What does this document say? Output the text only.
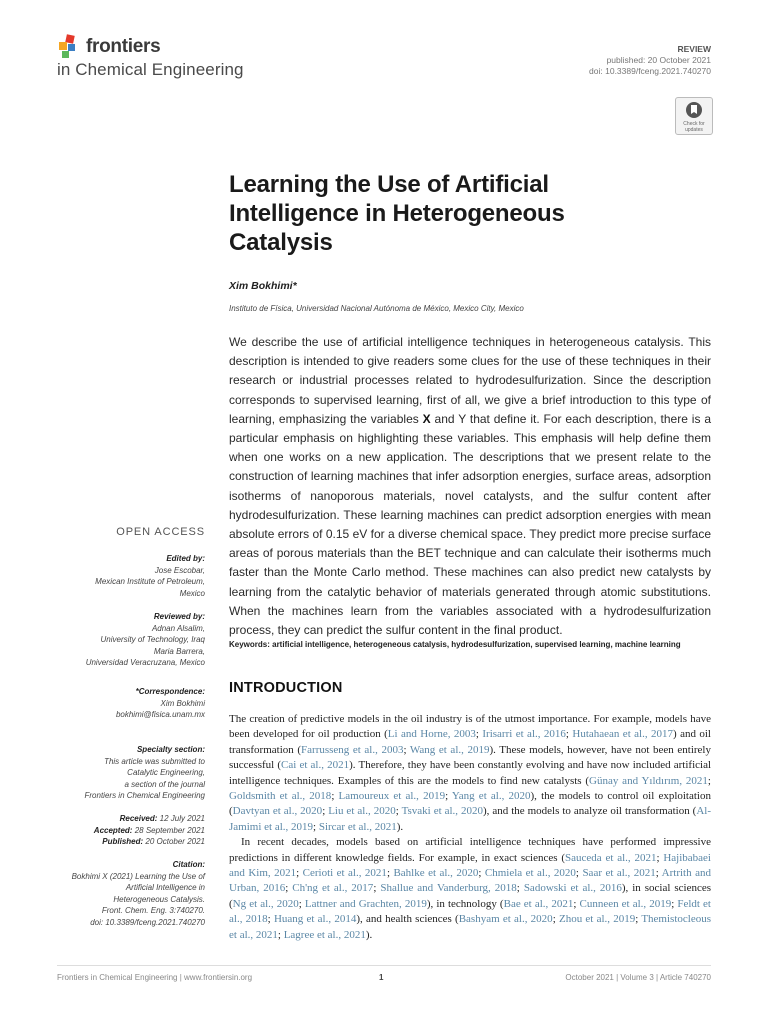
frontiers
in Chemical Engineering
REVIEW
published: 20 October 2021
doi: 10.3389/fceng.2021.740270
Check for updates
Learning the Use of Artificial Intelligence in Heterogeneous Catalysis
Xim Bokhimi*
Instituto de Física, Universidad Nacional Autónoma de México, Mexico City, Mexico
We describe the use of artificial intelligence techniques in heterogeneous catalysis. This description is intended to give readers some clues for the use of these techniques in their research or industrial processes related to hydrodesulfurization. Since the description corresponds to supervised learning, first of all, we give a brief introduction to this type of learning, emphasizing the variables X and Y that define it. For each description, there is a particular emphasis on highlighting these variables. This emphasis will help define them when one works on a new application. The descriptions that we present relate to the construction of learning machines that infer adsorption energies, surface areas, adsorption isotherms of nanoporous materials, novel catalysts, and the sulfur content after hydrodesulfurization. These learning machines can predict adsorption energies with mean absolute errors of 0.15 eV for a diverse chemical space. They predict more precise surface areas of porous materials than the BET technique and can calculate their isotherms much faster than the Monte Carlo method. These machines can also predict new catalysts by learning from the catalytic behavior of materials generated through atomic substitutions. When the machines learn from the variables associated with a hydrodesulfurization process, they can predict the sulfur content in the final product.
Keywords: artificial intelligence, heterogeneous catalysis, hydrodesulfurization, supervised learning, machine learning
OPEN ACCESS
Edited by:
Jose Escobar,
Mexican Institute of Petroleum,
Mexico
Reviewed by:
Adnan Alsalim,
University of Technology, Iraq
Maria Barrera,
Universidad Veracruzana, Mexico
*Correspondence:
Xim Bokhimi
bokhimi@fisica.unam.mx
Specialty section:
This article was submitted to
Catalytic Engineering,
a section of the journal
Frontiers in Chemical Engineering
Received: 12 July 2021
Accepted: 28 September 2021
Published: 20 October 2021
Citation:
Bokhimi X (2021) Learning the Use of
Artificial Intelligence in
Heterogeneous Catalysis.
Front. Chem. Eng. 3:740270.
doi: 10.3389/fceng.2021.740270
INTRODUCTION

The creation of predictive models in the oil industry is of the utmost importance. For example, models have been developed for oil production (Li and Horne, 2003; Irisarri et al., 2016; Hutahaean et al., 2017) and oil transformation (Farrusseng et al., 2003; Wang et al., 2019). These models, however, have not been entirely successful (Cai et al., 2021). Therefore, they have been constantly evolving and have now included artificial intelligence techniques. Examples of this are the models to find new catalysts (Günay and Yıldırım, 2021; Goldsmith et al., 2018; Lamoureux et al., 2019; Yang et al., 2020), the models to control oil exploitation (Davtyan et al., 2020; Liu et al., 2020; Tsvaki et al., 2020), and the models to analyze oil transformation (Al-Jamimi et al., 2019; Sircar et al., 2021).

In recent decades, models based on artificial intelligence techniques have performed impressive predictions in different knowledge fields. For example, in exact sciences (Sauceda et al., 2021; Hajibabaei and Kim, 2021; Cerioti et al., 2021; Bahlke et al., 2020; Chmiela et al., 2020; Saar et al., 2021; Artrith and Urban, 2016; Ch'ng et al., 2017; Shallue and Vanderburg, 2018; Sadowski et al., 2016), in social sciences (Ng et al., 2020; Lattner and Grachten, 2019), in technology (Bae et al., 2021; Cunneen et al., 2019; Feldt et al., 2018; Huang et al., 2014), and health sciences (Bashyam et al., 2020; Zhou et al., 2019; Themistocleous et al., 2021; Lagree et al., 2021).

Frontiers in Chemical Engineering | www.frontiersin.org	1	October 2021 | Volume 3 | Article 740270
